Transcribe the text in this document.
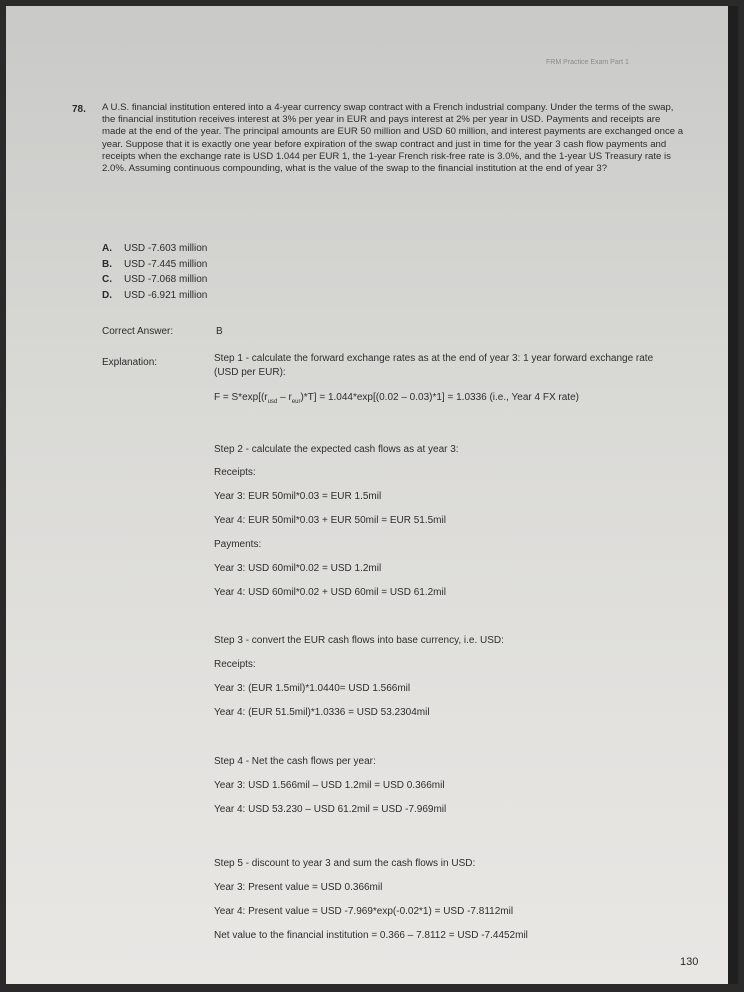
FRM Practice Exam Part 1
78. A U.S. financial institution entered into a 4-year currency swap contract with a French industrial company. Under the terms of the swap, the financial institution receives interest at 3% per year in EUR and pays interest at 2% per year in USD. Payments and receipts are made at the end of the year. The principal amounts are EUR 50 million and USD 60 million, and interest payments are exchanged once a year. Suppose that it is exactly one year before expiration of the swap contract and just in time for the year 3 cash flow payments and receipts when the exchange rate is USD 1.044 per EUR 1, the 1-year French risk-free rate is 3.0%, and the 1-year US Treasury rate is 2.0%. Assuming continuous compounding, what is the value of the swap to the financial institution at the end of year 3?
A.	USD -7.603 million
B.	USD -7.445 million
C.	USD -7.068 million
D.	USD -6.921 million
Correct Answer:	B
Explanation:	Step 1 - calculate the forward exchange rates as at the end of year 3: 1 year forward exchange rate (USD per EUR):
$F = S*\exp[(r_{usd} - r_{eur})*T] = 1.044*\exp[(0.02 - 0.03)*1] = 1.0336$ (i.e., Year 4 FX rate)
Step 2 - calculate the expected cash flows as at year 3:
Receipts:
Year 3: EUR 50mil*0.03 = EUR 1.5mil
Year 4: EUR 50mil*0.03 + EUR 50mil = EUR 51.5mil
Payments:
Year 3: USD 60mil*0.02 = USD 1.2mil
Year 4: USD 60mil*0.02 + USD 60mil = USD 61.2mil
Step 3 - convert the EUR cash flows into base currency, i.e. USD:
Receipts:
Year 3: (EUR 1.5mil)*1.0440= USD 1.566mil
Year 4: (EUR 51.5mil)*1.0336 = USD 53.2304mil
Step 4 - Net the cash flows per year:
Year 3: USD 1.566mil – USD 1.2mil = USD 0.366mil
Year 4: USD 53.230 – USD 61.2mil = USD -7.969mil
Step 5 - discount to year 3 and sum the cash flows in USD:
Year 3: Present value = USD 0.366mil
Year 4: Present value = USD -7.969*exp(-0.02*1) = USD -7.8112mil
Net value to the financial institution = 0.366 – 7.8112 = USD -7.4452mil
130
